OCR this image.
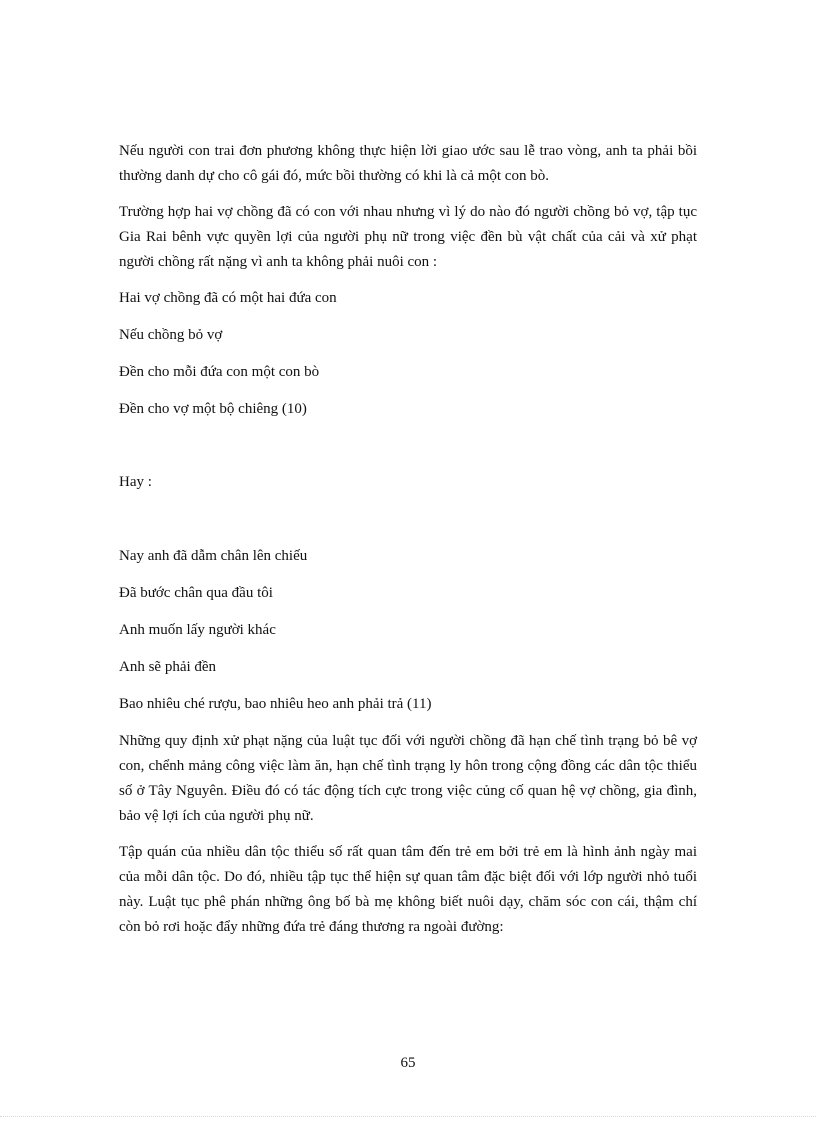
Nếu người con trai đơn phương không thực hiện lời giao ước sau lễ trao vòng, anh ta phải bồi thường danh dự cho cô gái đó, mức bồi thường có khi là cả một con bò.

Trường hợp hai vợ chồng đã có con với nhau nhưng vì lý do nào đó người chồng bỏ vợ, tập tục Gia Rai bênh vực quyền lợi của người phụ nữ trong việc đền bù vật chất của cải và xử phạt người chồng rất nặng vì anh ta không phải nuôi con :

Hai vợ chồng đã có một hai đứa con

Nếu chồng bỏ vợ

Đền cho mỗi đứa con một con bò

Đền cho vợ một bộ chiêng (10)

Hay :

Nay anh đã dẫm chân lên chiếu

Đã bước chân qua đầu tôi

Anh muốn lấy người khác

Anh sẽ phải đền

Bao nhiêu ché rượu, bao nhiêu heo anh phải trả (11)

Những quy định xử phạt nặng của luật tục đối với người chồng đã hạn chế tình trạng bỏ bê vợ con, chểnh mảng công việc làm ăn, hạn chế tình trạng ly hôn trong cộng đồng các dân tộc thiểu số ở Tây Nguyên. Điều đó có tác động tích cực trong việc củng cố quan hệ vợ chồng, gia đình, bảo vệ lợi ích của người phụ nữ.

Tập quán của nhiều dân tộc thiểu số rất quan tâm đến trẻ em bởi trẻ em là hình ảnh ngày mai của mỗi dân tộc. Do đó, nhiều tập tục thể hiện sự quan tâm đặc biệt đối với lớp người nhỏ tuổi này. Luật tục phê phán những ông bố bà mẹ không biết nuôi dạy, chăm sóc con cái, thậm chí còn bỏ rơi hoặc đẩy những đứa trẻ đáng thương ra ngoài đường:

65
